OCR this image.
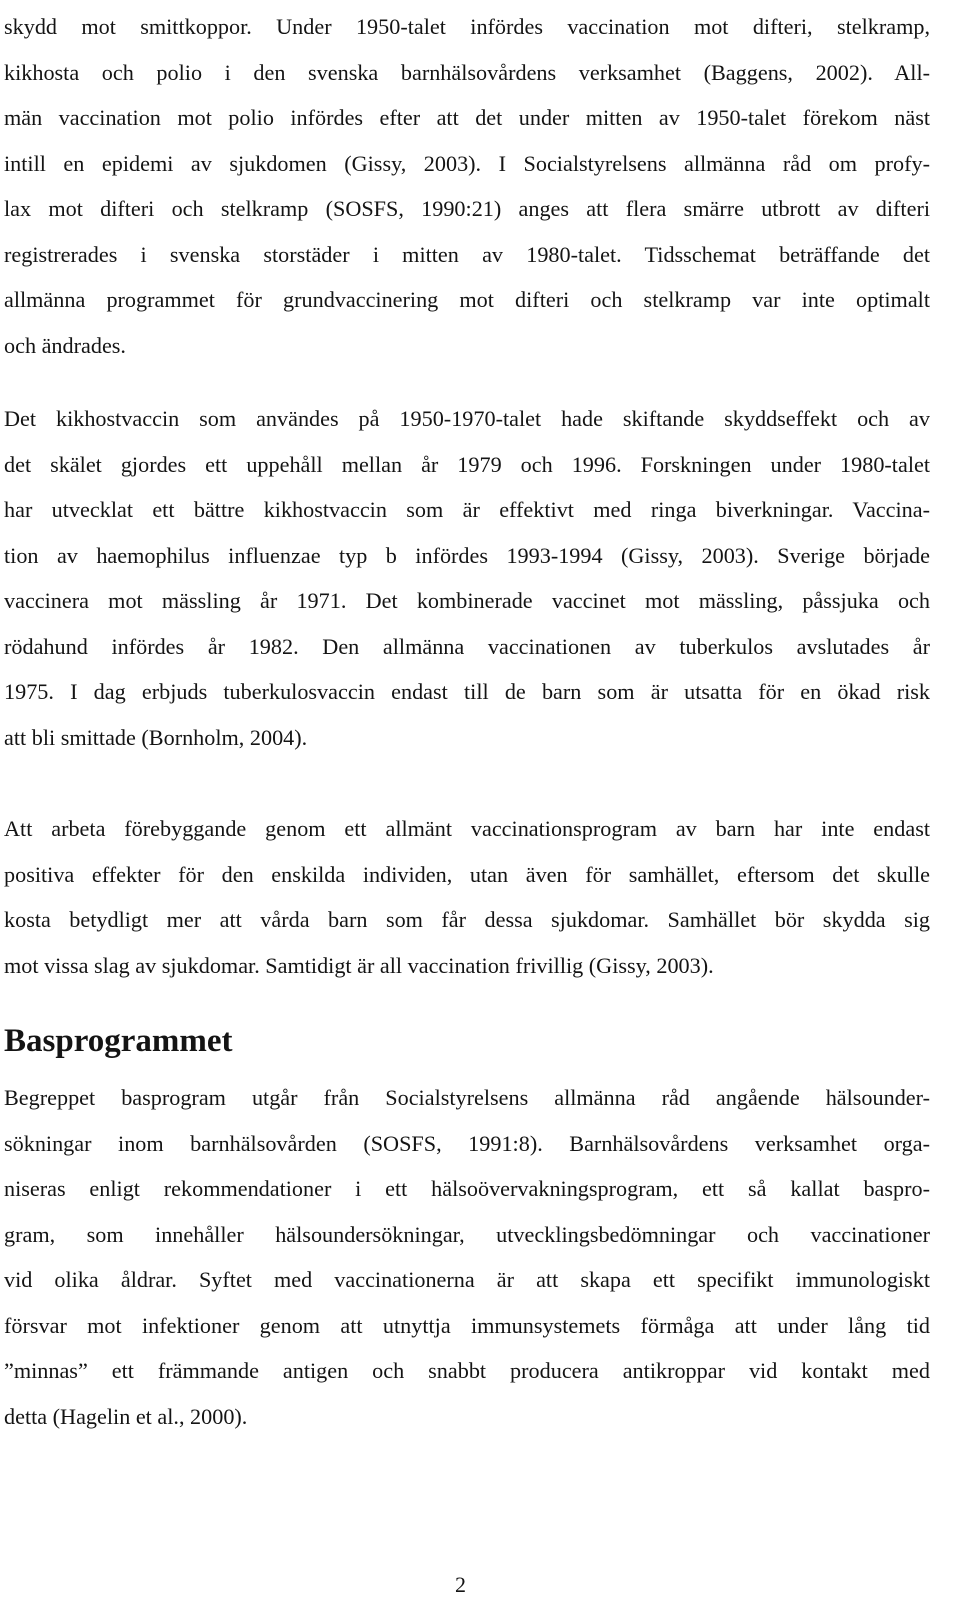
skydd mot smittkoppor. Under 1950-talet infördes vaccination mot difteri, stelkramp,
kikhosta och polio i den svenska barnhälsovårdens verksamhet (Baggens, 2002). All-
män vaccination mot polio infördes efter att det under mitten av 1950-talet förekom näst
intill en epidemi av sjukdomen (Gissy, 2003). I Socialstyrelsens allmänna råd om profy-
lax mot difteri och stelkramp (SOSFS, 1990:21) anges att flera smärre utbrott av difteri
registrerades i svenska storstäder i mitten av 1980-talet. Tidsschemat beträffande det
allmänna programmet för grundvaccinering mot difteri och stelkramp var inte optimalt
och ändrades.
Det kikhostvaccin som användes på 1950-1970-talet hade skiftande skyddseffekt och av
det skälet gjordes ett uppehåll mellan år 1979 och 1996. Forskningen under 1980-talet
har utvecklat ett bättre kikhostvaccin som är effektivt med ringa biverkningar. Vaccina-
tion av haemophilus influenzae typ b infördes 1993-1994 (Gissy, 2003). Sverige började
vaccinera mot mässling år 1971. Det kombinerade vaccinet mot mässling, påssjuka och
rödahund infördes år 1982. Den allmänna vaccinationen av tuberkulos avslutades år
1975. I dag erbjuds tuberkulosvaccin endast till de barn som är utsatta för en ökad risk
att bli smittade (Bornholm, 2004).
Att arbeta förebyggande genom ett allmänt vaccinationsprogram av barn har inte endast
positiva effekter för den enskilda individen, utan även för samhället, eftersom det skulle
kosta betydligt mer att vårda barn som får dessa sjukdomar. Samhället bör skydda sig
mot vissa slag av sjukdomar. Samtidigt är all vaccination frivillig (Gissy, 2003).
Basprogrammet
Begreppet basprogram utgår från Socialstyrelsens allmänna råd angående hälsounder-
sökningar inom barnhälsovården (SOSFS, 1991:8). Barnhälsovårdens verksamhet orga-
niseras enligt rekommendationer i ett hälsoövervakningsprogram, ett så kallat baspro-
gram, som innehåller hälsoundersökningar, utvecklingsbedömningar och vaccinationer
vid olika åldrar. Syftet med vaccinationerna är att skapa ett specifikt immunologiskt
försvar mot infektioner genom att utnyttja immunsystemets förmåga att under lång tid
”minnas” ett främmande antigen och snabbt producera antikroppar vid kontakt med
detta (Hagelin et al., 2000).
2
